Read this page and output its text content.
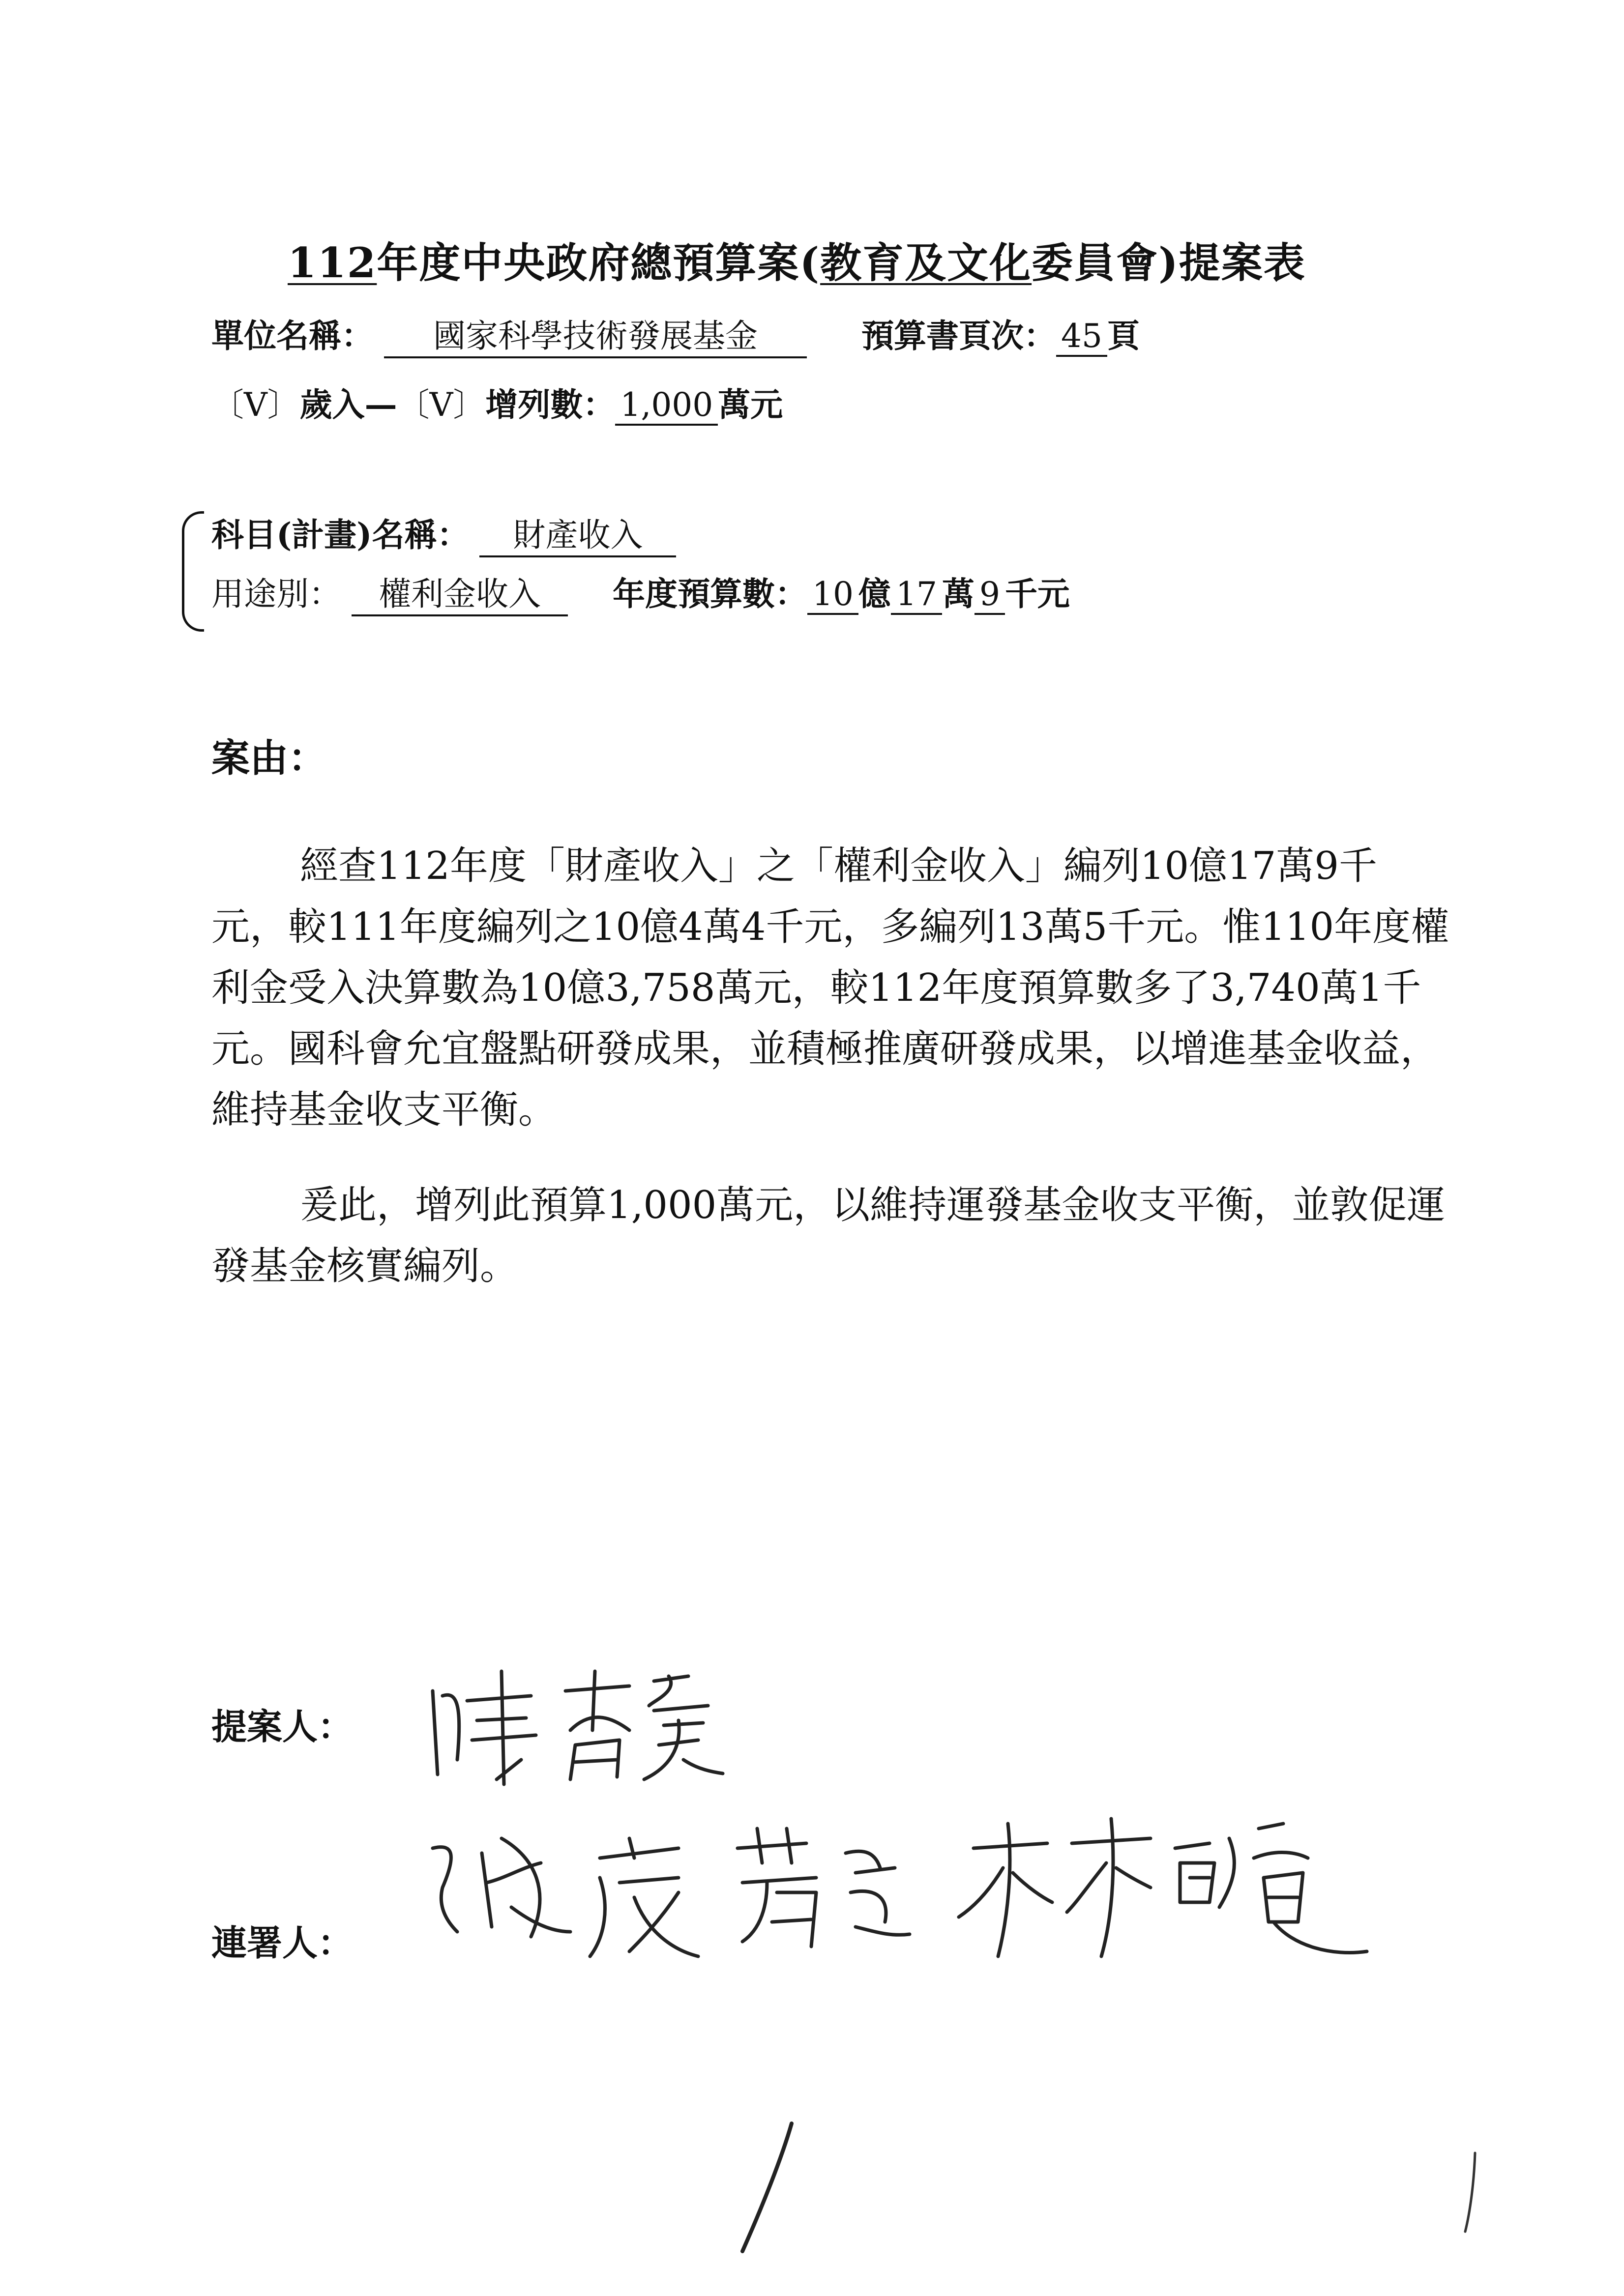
112年度中央政府總預算案(教育及文化委員會)提案表
單位名稱： 國家科學技術發展基金	預算書頁次： 45 頁
〔V〕歲入—〔V〕增列數： 1,000 萬元
科目(計畫)名稱： 財產收入
用途別： 權利金收入 年度預算數： 10 億 17 萬 9 千元
案由：
經查112年度「財產收入」之「權利金收入」編列10億17萬9千元，較111年度編列之10億4萬4千元，多編列13萬5千元。惟110年度權利金受入決算數為10億3,758萬元，較112年度預算數多了3,740萬1千元。國科會允宜盤點研發成果，並積極推廣研發成果，以增進基金收益，維持基金收支平衡。
爰此，增列此預算1,000萬元，以維持運發基金收支平衡，並敦促運發基金核實編列。
提案人：
連署人：
